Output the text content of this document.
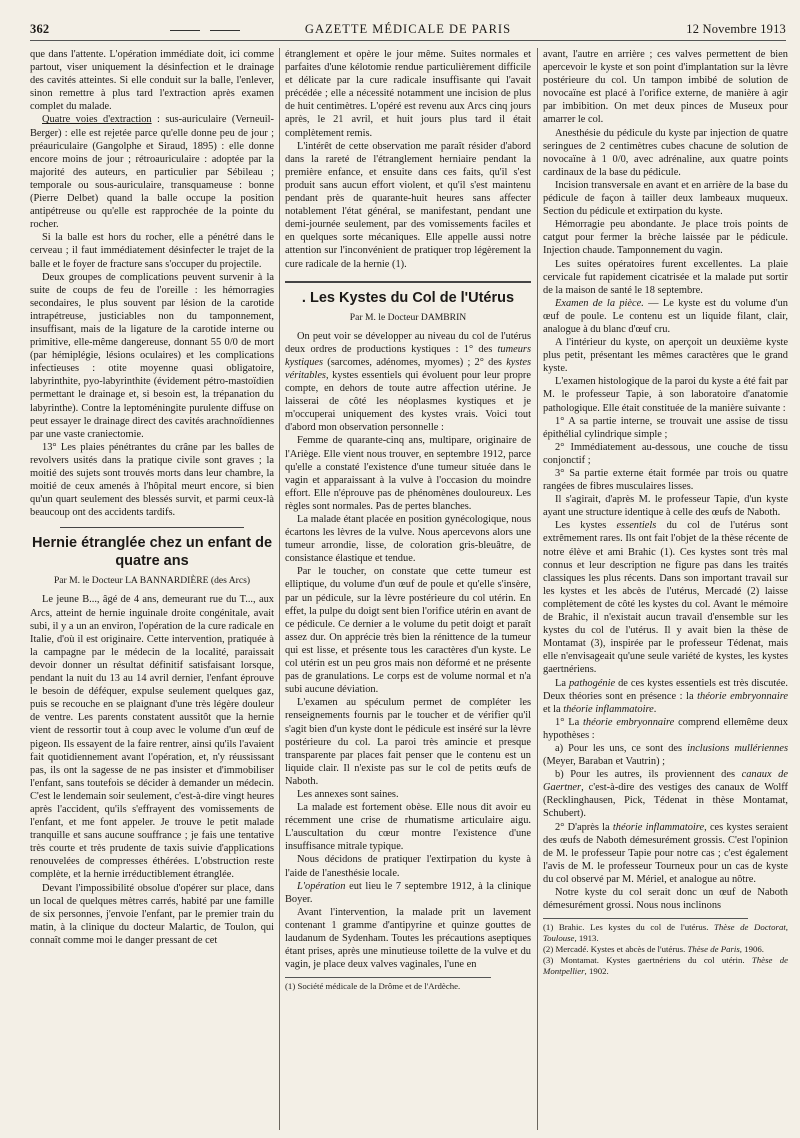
362	GAZETTE MÉDICALE DE PARIS	12 Novembre 1913

que dans l'attente. L'opération immédiate doit, ici comme partout, viser uniquement la désinfection et le drainage des cavités atteintes. Si elle conduit sur la balle, l'enlever, sinon remettre à plus tard l'extraction après examen complet du malade.

Quatre voies d'extraction : sus-auriculaire (Verneuil-Berger) : elle est rejetée parce qu'elle donne peu de jour ; préauriculaire (Gangolphe et Siraud, 1895) : elle donne encore moins de jour ; rétroauriculaire : adoptée par la majorité des auteurs, en particulier par Sébileau ; temporale ou sous-auriculaire, transquameuse : bonne (Pierre Delbet) quand la balle occupe la position antipétreuse ou qu'elle est rapprochée de la pointe du rocher.

Si la balle est hors du rocher, elle a pénétré dans le cerveau ; il faut immédiatement désinfecter le trajet de la balle et le foyer de fracture sans s'occuper du projectile.

Deux groupes de complications peuvent survenir à la suite de coups de feu de l'oreille : les hémorragies secondaires, le plus souvent par lésion de la carotide intrapétreuse, justiciables non du tamponnement, insuffisant, mais de la ligature de la carotide interne ou primitive, elle-même dangereuse, donnant 55 0/0 de mort (par hémiplégie, lésions oculaires) et les complications infectieuses : otite moyenne quasi obligatoire, labyrinthite, pyo-labyrinthite (évidement pétro-mastoïdien permettant le drainage et, si besoin est, la trépanation du labyrinthe). Contre la leptoméningite purulente diffuse on peut essayer le drainage direct des cavités arachnoïdiennes par une vaste craniectomie.

13° Les plaies pénétrantes du crâne par les balles de revolvers usités dans la pratique civile sont graves ; la moitié des sujets sont trouvés morts dans leur chambre, la moitié de ceux amenés à l'hôpital meurt encore, si bien qu'un quart seulement des blessés survit, et parmi ceux-là beaucoup ont des accidents tardifs.

Hernie étranglée chez un enfant de quatre ans
Par M. le Docteur LA BANNARDIÈRE (des Arcs)

Le jeune B..., âgé de 4 ans, demeurant rue du T..., aux Arcs, atteint de hernie inguinale droite congénitale, avait subi, il y a un an environ, l'opération de la cure radicale en Italie, d'où il est originaire. Cette intervention, pratiquée à la campagne par le médecin de la localité, paraissait devoir donner un résultat définitif satisfaisant lorsque, pendant la nuit du 13 au 14 avril dernier, l'enfant éprouve le besoin de déféquer, expulse seulement quelques gaz, puis se recouche en se plaignant d'une très légère douleur de ventre. Les parents constatent aussitôt que la hernie vient de ressortir tout à coup avec le volume d'un œuf de pigeon. Ils essayent de la faire rentrer, ainsi qu'ils l'avaient fait quotidiennement avant l'opération, et, n'y réussissant pas, ils ont la sagesse de ne pas insister et d'immobiliser l'enfant, sans toutefois se décider à demander un médecin. C'est le lendemain soir seulement, c'est-à-dire vingt heures après l'accident, qu'ils s'effrayent des vomissements de l'enfant, et me font appeler. Je trouve le petit malade tranquille et sans aucune souffrance ; je fais une tentative très courte et très prudente de taxis suivie d'applications renouvelées de compresses éthérées. L'obstruction reste complète, et la hernie irréductiblement étranglée.

Devant l'impossibilité obsolue d'opérer sur place, dans un local de quelques mètres carrés, habité par une famille de six personnes, j'envoie l'enfant, par le premier train du matin, à la clinique du docteur Malartic, de Toulon, qui connaît comme moi le danger pressant de cet

étranglement et opère le jour même. Suites normales et parfaites d'une kélotomie rendue particulièrement difficile et délicate par la cure radicale insuffisante qui l'avait précédée ; elle a nécessité notamment une incision de plus de huit centimètres. L'opéré est revenu aux Arcs cinq jours après, le 21 avril, et huit jours plus tard il était complètement remis.

L'intérêt de cette observation me paraît résider d'abord dans la rareté de l'étranglement herniaire pendant la première enfance, et ensuite dans ces faits, qu'il s'est produit sans aucun effort violent, et qu'il s'est maintenu pendant près de quarante-huit heures sans affecter notablement l'état général, se manifestant, pendant une demi-journée seulement, par des vomissements faciles et en quelques sorte mécaniques. Elle appelle aussi notre attention sur l'inconvénient de pratiquer trop légèrement la cure radicale de la hernie (1).

. Les Kystes du Col de l'Utérus
Par M. le Docteur DAMBRIN

On peut voir se développer au niveau du col de l'utérus deux ordres de productions kystiques : 1° des tumeurs kystiques (sarcomes, adénomes, myomes) ; 2° des kystes véritables, kystes essentiels qui évoluent pour leur propre compte, en dehors de toute autre affection utérine. Je laisserai de côté les néoplasmes kystiques et je m'occuperai uniquement des kystes vrais. Voici tout d'abord mon observation personnelle :

Femme de quarante-cinq ans, multipare, originaire de l'Ariège. Elle vient nous trouver, en septembre 1912, parce qu'elle a constaté l'existence d'une tumeur située dans le vagin et apparaissant à la vulve à l'occasion du moindre effort. Elle n'éprouve pas de phénomènes douloureux. Les règles sont normales. Pas de pertes blanches.

La malade étant placée en position gynécologique, nous écartons les lèvres de la vulve. Nous apercevons alors une tumeur arrondie, lisse, de coloration gris-bleuâtre, de consistance élastique et tendue.

Par le toucher, on constate que cette tumeur est elliptique, du volume d'un œuf de poule et qu'elle s'insère, par un pédicule, sur la lèvre postérieure du col utérin. En effet, la pulpe du doigt sent bien l'orifice utérin en avant de ce pédicule. Ce dernier a le volume du petit doigt et paraît assez dur. On apprécie très bien la rénittence de la tumeur qui est lisse, et présente tous les caractères d'un kyste. Le col utérin est un peu gros mais non déformé et ne présente pas de granulations. Le corps est de volume normal et n'a subi aucune déviation.

L'examen au spéculum permet de compléter les renseignements fournis par le toucher et de vérifier qu'il s'agit bien d'un kyste dont le pédicule est inséré sur la lèvre postérieure du col. La paroi très amincie et presque transparente par places fait penser que le contenu est un liquide clair. Il n'existe pas sur le col de petits œufs de Naboth.

Les annexes sont saines.

La malade est fortement obèse. Elle nous dit avoir eu récemment une crise de rhumatisme articulaire aigu. L'auscultation du cœur montre l'existence d'une insuffisance mitrale typique.

Nous décidons de pratiquer l'extirpation du kyste à l'aide de l'anesthésie locale.

L'opération eut lieu le 7 septembre 1912, à la clinique Boyer.

Avant l'intervention, la malade prit un lavement contenant 1 gramme d'antipyrine et quinze gouttes de laudanum de Sydenham. Toutes les précautions aseptiques étant prises, après une minutieuse toilette de la vulve et du vagin, je place deux valves vaginales, l'une en

(1) Société médicale de la Drôme et de l'Ardèche.

avant, l'autre en arrière ; ces valves permettent de bien apercevoir le kyste et son point d'implantation sur la lèvre postérieure du col. Un tampon imbibé de solution de novocaïne est placé à l'orifice externe, de manière à agir par imbibition. On met deux pinces de Museux pour amarrer le col.

Anesthésie du pédicule du kyste par injection de quatre seringues de 2 centimètres cubes chacune de solution de novocaïne à 1 0/0, avec adrénaline, aux quatre points cardinaux de la base du pédicule.

Incision transversale en avant et en arrière de la base du pédicule de façon à tailler deux lambeaux muqueux. Section du pédicule et extirpation du kyste.

Hémorragie peu abondante. Je place trois points de catgut pour fermer la brèche laissée par le pédicule. Injection chaude. Tamponnement du vagin.

Les suites opératoires furent excellentes. La plaie cervicale fut rapidement cicatrisée et la malade put sortir de la maison de santé le 18 septembre.

Examen de la pièce. — Le kyste est du volume d'un œuf de poule. Le contenu est un liquide filant, clair, analogue à du blanc d'œuf cru.

A l'intérieur du kyste, on aperçoit un deuxième kyste plus petit, présentant les mêmes caractères que le grand kyste.

L'examen histologique de la paroi du kyste a été fait par M. le professeur Tapie, à son laboratoire d'anatomie pathologique. Elle était constituée de la manière suivante :

1° A sa partie interne, se trouvait une assise de tissu épithélial cylindrique simple ;

2° Immédiatement au-dessous, une couche de tissu conjonctif ;

3° Sa partie externe était formée par trois ou quatre rangées de fibres musculaires lisses.

Il s'agirait, d'après M. le professeur Tapie, d'un kyste ayant une structure identique à celle des œufs de Naboth.

Les kystes essentiels du col de l'utérus sont extrêmement rares. Ils ont fait l'objet de la thèse récente de notre élève et ami Brahic (1). Ces kystes sont très mal connus et leur description ne figure pas dans les traités classiques les plus récents. Dans son important travail sur les kystes et les abcès de l'utérus, Mercadé (2) laisse complètement de côté les kystes du col. Avant le mémoire de Brahic, il n'existait aucun travail d'ensemble sur les kystes du col de l'utérus. Il y avait bien la thèse de Montamat (3), inspirée par le professeur Tédenat, mais elle n'envisageait qu'une seule variété de kystes, les kystes gaertnériens.

La pathogénie de ces kystes essentiels est très discutée. Deux théories sont en présence : la théorie embryonnaire et la théorie inflammatoire.

1° La théorie embryonnaire comprend ellemême deux hypothèses :

a) Pour les uns, ce sont des inclusions mullériennes (Meyer, Baraban et Vautrin) ;

b) Pour les autres, ils proviennent des canaux de Gaertner, c'est-à-dire des vestiges des canaux de Wolff (Recklinghausen, Pick, Tédenat in thèse Montamat, Schubert).

2° D'après la théorie inflammatoire, ces kystes seraient des œufs de Naboth démesurément grossis. C'est l'opinion de M. le professeur Tapie pour notre cas ; c'est également l'avis de M. le professeur Tourneux pour un cas de kyste du col observé par M. Mériel, et analogue au nôtre.

Notre kyste du col serait donc un œuf de Naboth démesurément grossi. Nous nous inclinons

(1) Brahic. Les kystes du col de l'utérus. Thèse de Doctorat, Toulouse, 1913.

(2) Mercadé. Kystes et abcès de l'utérus. Thèse de Paris, 1906.

(3) Montamat. Kystes gaertnériens du col utérin. Thèse de Montpellier, 1902.
